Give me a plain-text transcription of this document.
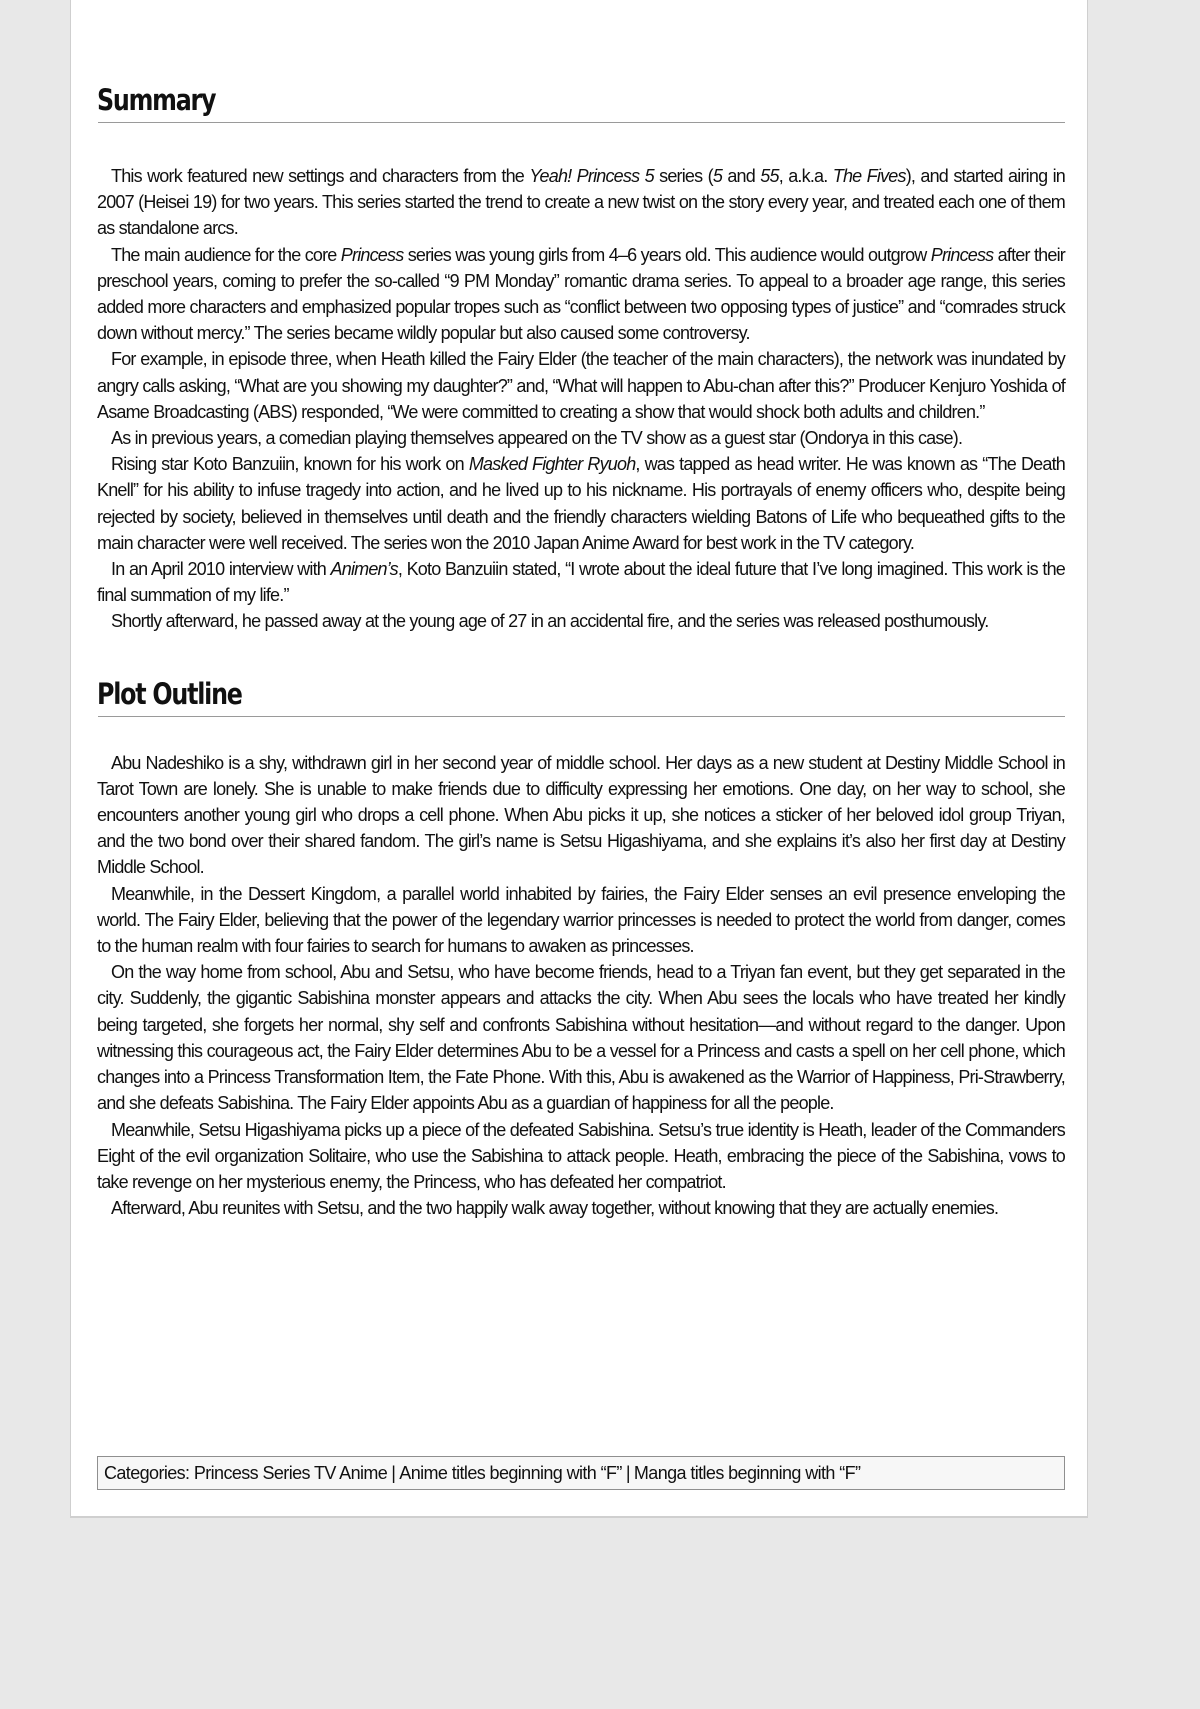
Summary

This work featured new settings and characters from the Yeah! Princess 5 series (5 and 55, a.k.a. The Fives), and started airing in 2007 (Heisei 19) for two years. This series started the trend to create a new twist on the story every year, and treated each one of them as standalone arcs.

The main audience for the core Princess series was young girls from 4–6 years old. This audience would outgrow Princess after their preschool years, coming to prefer the so-called “9 PM Monday” romantic drama series. To appeal to a broader age range, this series added more characters and emphasized popular tropes such as “conflict between two opposing types of justice” and “comrades struck down without mercy.” The series became wildly popular but also caused some controversy.

For example, in episode three, when Heath killed the Fairy Elder (the teacher of the main characters), the network was inundated by angry calls asking, “What are you showing my daughter?” and, “What will happen to Abu-chan after this?” Producer Kenjuro Yoshida of Asame Broadcasting (ABS) responded, “We were committed to creating a show that would shock both adults and children.”

As in previous years, a comedian playing themselves appeared on the TV show as a guest star (Ondorya in this case).

Rising star Koto Banzuiin, known for his work on Masked Fighter Ryuoh, was tapped as head writer. He was known as “The Death Knell” for his ability to infuse tragedy into action, and he lived up to his nickname. His portrayals of enemy officers who, despite being rejected by society, believed in themselves until death and the friendly characters wielding Batons of Life who bequeathed gifts to the main character were well received. The series won the 2010 Japan Anime Award for best work in the TV category.

In an April 2010 interview with Animen’s, Koto Banzuiin stated, “I wrote about the ideal future that I’ve long imagined. This work is the final summation of my life.”

Shortly afterward, he passed away at the young age of 27 in an accidental fire, and the series was released posthumously.

Plot Outline

Abu Nadeshiko is a shy, withdrawn girl in her second year of middle school. Her days as a new student at Destiny Middle School in Tarot Town are lonely. She is unable to make friends due to difficulty expressing her emotions. One day, on her way to school, she encounters another young girl who drops a cell phone. When Abu picks it up, she notices a sticker of her beloved idol group Triyan, and the two bond over their shared fandom. The girl’s name is Setsu Higashiyama, and she explains it’s also her first day at Destiny Middle School.

Meanwhile, in the Dessert Kingdom, a parallel world inhabited by fairies, the Fairy Elder senses an evil presence enveloping the world. The Fairy Elder, believing that the power of the legendary warrior princesses is needed to protect the world from danger, comes to the human realm with four fairies to search for humans to awaken as princesses.

On the way home from school, Abu and Setsu, who have become friends, head to a Triyan fan event, but they get separated in the city. Suddenly, the gigantic Sabishina monster appears and attacks the city. When Abu sees the locals who have treated her kindly being targeted, she forgets her normal, shy self and confronts Sabishina without hesitation—and without regard to the danger. Upon witnessing this courageous act, the Fairy Elder determines Abu to be a vessel for a Princess and casts a spell on her cell phone, which changes into a Princess Transformation Item, the Fate Phone. With this, Abu is awakened as the Warrior of Happiness, Pri-Strawberry, and she defeats Sabishina. The Fairy Elder appoints Abu as a guardian of happiness for all the people.

Meanwhile, Setsu Higashiyama picks up a piece of the defeated Sabishina. Setsu’s true identity is Heath, leader of the Commanders Eight of the evil organization Solitaire, who use the Sabishina to attack people. Heath, embracing the piece of the Sabishina, vows to take revenge on her mysterious enemy, the Princess, who has defeated her compatriot.

Afterward, Abu reunites with Setsu, and the two happily walk away together, without knowing that they are actually enemies.

Categories: Princess Series TV Anime | Anime titles beginning with “F” | Manga titles beginning with “F”
